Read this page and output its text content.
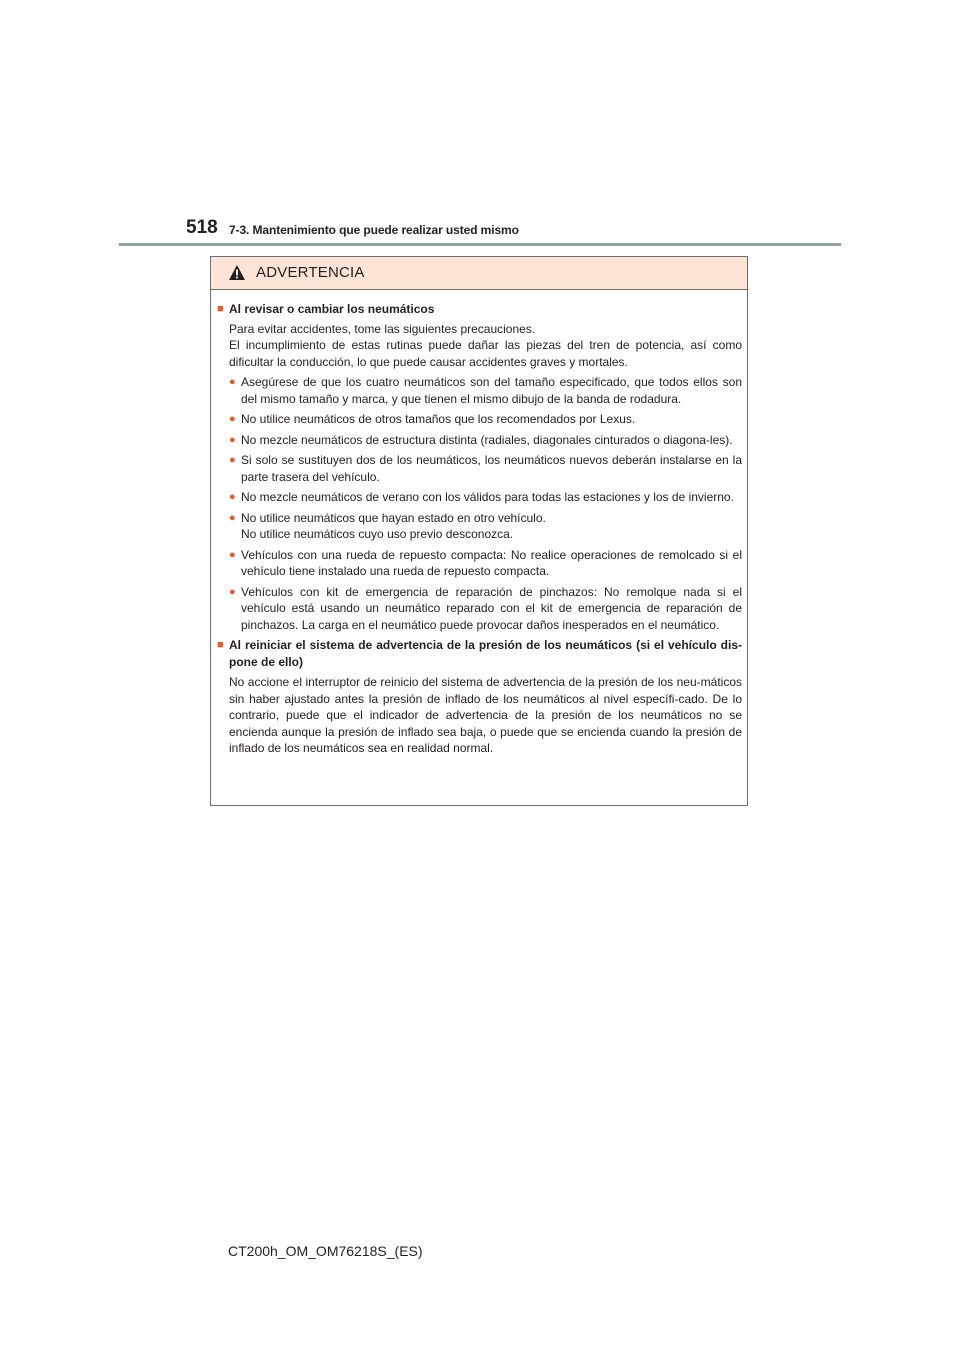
518 7-3. Mantenimiento que puede realizar usted mismo
ADVERTENCIA
■ Al revisar o cambiar los neumáticos
Para evitar accidentes, tome las siguientes precauciones.
El incumplimiento de estas rutinas puede dañar las piezas del tren de potencia, así como dificultar la conducción, lo que puede causar accidentes graves y mortales.
● Asegúrese de que los cuatro neumáticos son del tamaño especificado, que todos ellos son del mismo tamaño y marca, y que tienen el mismo dibujo de la banda de rodadura.
● No utilice neumáticos de otros tamaños que los recomendados por Lexus.
● No mezcle neumáticos de estructura distinta (radiales, diagonales cinturados o diagona-les).
● Si solo se sustituyen dos de los neumáticos, los neumáticos nuevos deberán instalarse en la parte trasera del vehículo.
● No mezcle neumáticos de verano con los válidos para todas las estaciones y los de invierno.
● No utilice neumáticos que hayan estado en otro vehículo.
No utilice neumáticos cuyo uso previo desconozca.
● Vehículos con una rueda de repuesto compacta: No realice operaciones de remolcado si el vehículo tiene instalado una rueda de repuesto compacta.
● Vehículos con kit de emergencia de reparación de pinchazos: No remolque nada si el vehículo está usando un neumático reparado con el kit de emergencia de reparación de pinchazos. La carga en el neumático puede provocar daños inesperados en el neumático.
■ Al reiniciar el sistema de advertencia de la presión de los neumáticos (si el vehículo dis-pone de ello)
No accione el interruptor de reinicio del sistema de advertencia de la presión de los neu-máticos sin haber ajustado antes la presión de inflado de los neumáticos al nivel específi-cado. De lo contrario, puede que el indicador de advertencia de la presión de los neumáticos no se encienda aunque la presión de inflado sea baja, o puede que se encienda cuando la presión de inflado de los neumáticos sea en realidad normal.
CT200h_OM_OM76218S_(ES)
